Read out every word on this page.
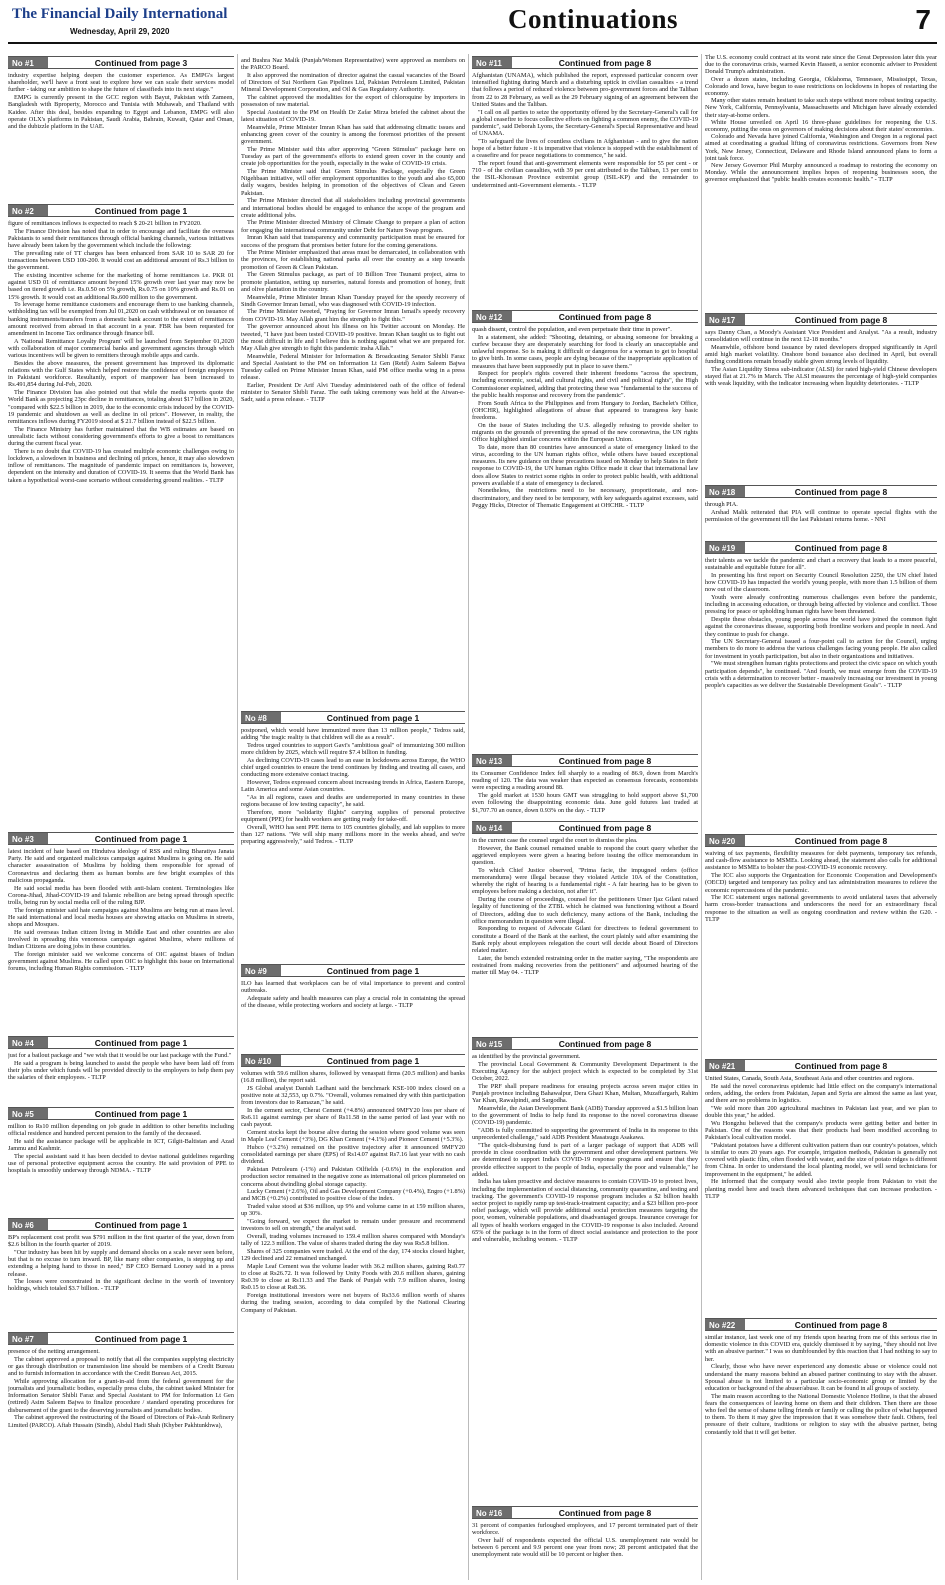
The Financial Daily International
Wednesday, April 29, 2020	Continuations	7
No #1	Continued from page 3

industry expertise helping deepen the customer experience. As EMPG's largest shareholder, we'll have a front seat to explore how we can scale their services model further - taking our ambition to shape the future of classifieds into its next stage."

EMPG is currently present in the GCC region with Bayut, Pakistan with Zameen, Bangladesh with Bproperty, Morocco and Tunisia with Mubawab, and Thailand with Kaidee. After this deal, besides expanding to Egypt and Lebanon, EMPG will also operate OLX's platforms in Pakistan, Saudi Arabia, Bahrain, Kuwait, Qatar and Oman, and the dubizzle platform in the UAE.

No #2	Continued from page 1

figure of remittances inflows is expected to reach $ 20-21 billion in FY2020.

The Finance Division has noted that in order to encourage and facilitate the overseas Pakistanis to send their remittances through official banking channels, various initiatives have already been taken by the government which include the following:

The prevailing rate of TT charges has been enhanced from SAR 10 to SAR 20 for transactions between USD 100-200. It would cost an additional amount of Rs.3 billion to the government.

The existing incentive scheme for the marketing of home remittances i.e. PKR 01 against USD 01 of remittance amount beyond 15% growth over last year may now be based on tiered growth i.e. Rs.0.50 on 5% growth, Rs.0.75 on 10% growth and Rs.01 on 15% growth. It would cost an additional Rs.600 million to the government.

To leverage home remittance customers and encourage them to use banking channels, withholding tax will be exempted from Jul 01,2020 on cash withdrawal or on issuance of banking instruments/transfers from a domestic bank account to the extent of remittances amount received from abroad in that account in a year. FBR has been requested for amendment in Income Tax ordinance through finance bill.

A 'National Remittance Loyalty Program' will be launched from September 01,2020 with collaboration of major commercial banks and government agencies through which various incentives will be given to remitters through mobile apps and cards.

Besides the above measures, the present government has improved its diplomatic relations with the Gulf States which helped restore the confidence of foreign employers in Pakistani workforce. Resultantly, export of manpower has been increased to Rs.491,854 during Jul-Feb, 2020.

The Finance Division has also pointed out that while the media reports quote the World Bank as projecting 23pc decline in remittances, totaling about $17 billion in 2020, "compared with $22.5 billion in 2019, due to the economic crisis induced by the COVID-19 pandemic and shutdown as well as decline in oil prices". However, in reality, the remittances inflows during FY2019 stood at $ 21.7 billion instead of $22.5 billion.

The Finance Ministry has further maintained that the WB estimates are based on unrealistic facts without considering government's efforts to give a boost to remittances during the current fiscal year.

There is no doubt that COVID-19 has created multiple economic challenges owing to lockdown, a slowdown in business and declining oil prices, hence, it may also slowdown inflow of remittances. The magnitude of pandemic impact on remittances is, however, dependent on the intensity and duration of COVID-19. It seems that the World Bank has taken a hypothetical worst-case scenario without considering ground realities. - TLTP

No #3	Continued from page 1

latest incident of hate based on Hindutva ideology of RSS and ruling Bharatiya Janata Party. He said and organized malicious campaign against Muslims is going on. He said character assassination of Muslims by holding them responsible for spread of Coronavirus and declaring them as human bombs are few bright examples of this malicious propaganda.

He said social media has been flooded with anti-Islam content. Terminologies like Corona-Jihad, Jihad-COVID-19 and Islamic rebellion are being spread through specific trolls, being run by social media cell of the ruling BJP.

The foreign minister said hate campaigns against Muslims are being run at mass level. He said international and local media houses are showing attacks on Muslims in streets, shops and Mosques.

He said overseas Indian citizen living in Middle East and other countries are also involved in spreading this venomous campaign against Muslims, where millions of Indian Citizens are doing jobs in these countries.

The foreign minister said we welcome concerns of OIC against biases of Indian government against Muslims. He called upon OIC to highlight this issue on International forums, including Human Rights commission. - TLTP

No #4	Continued from page 1

just for a bailout package and "we wish that it would be our last package with the Fund."

He said a program is being launched to assist the people who have been laid off from their jobs under which funds will be provided directly to the employers to help them pay the salaries of their employees. - TLTP

No #5	Continued from page 1

million to Rs10 million depending on job grade in addition to other benefits including official residence and hundred percent pension to the family of the deceased.

He said the assistance package will be applicable in ICT, Gilgit-Baltistan and Azad Jammu and Kashmir.

The special assistant said it has been decided to devise national guidelines regarding use of personal protective equipment across the country. He said provision of PPE to hospitals is smoothly underway through NDMA. - TLTP

No #6	Continued from page 1

BP's replacement cost profit was $791 million in the first quarter of the year, down from $2.6 billion in the fourth quarter of 2019.

"Our industry has been hit by supply and demand shocks on a scale never seen before, but that is no excuse to turn inward. BP, like many other companies, is stepping up and extending a helping hand to those in need," BP CEO Bernard Looney said in a press release.

The losses were concentrated in the significant decline in the worth of inventory holdings, which totaled $3.7 billion. - TLTP

No #7	Continued from page 1

presence of the netting arrangement.

The cabinet approved a proposal to notify that all the companies supplying electricity or gas through distribution or transmission line should be members of a Credit Bureau and to furnish information in accordance with the Credit Bureau Act, 2015.

While approving allocation for a grant-in-aid from the federal government for the journalists and journalistic bodies, especially press clubs, the cabinet tasked Minister for Information Senator Shibli Faraz and Special Assistant to PM for Information Lt Gen (retired) Asim Saleem Bajwa to finalize procedure / standard operating procedures for disbursement of the grant to the deserving journalists and journalistic bodies.

The cabinet approved the restructuring of the Board of Directors of Pak-Arab Refinery Limited (PARCO). Aftab Hussain (Sindh), Abdul Hadi Shah (Khyber Pakhtunkhwa),

and Bushra Naz Malik (Punjab/Women Representative) were approved as members on the PARCO Board.

It also approved the nomination of director against the casual vacancies of the Board of Directors of Sui Northern Gas Pipelines Ltd, Pakistan Petroleum Limited, Pakistan Mineral Development Corporation, and Oil & Gas Regulatory Authority.

The cabinet approved the modalities for the export of chloroquine by importers in possession of raw material.

Special Assistant to the PM on Health Dr Zafar Mirza briefed the cabinet about the latest situation of COVID-19.

Meanwhile, Prime Minister Imran Khan has said that addressing climatic issues and enhancing green cover of the country is among the foremost priorities of the present government.

The Prime Minister said this after approving "Green Stimulus" package here on Tuesday as part of the government's efforts to extend green cover in the county and create job opportunities for the youth, especially in the wake of COVID-19 crisis.

The Prime Minister said that Green Stimulus Package, especially the Green Nigehbaan initiative, will offer employment opportunities to the youth and also 65,000 daily wagers, besides helping in promotion of the objectives of Clean and Green Pakistan.

The Prime Minister directed that all stakeholders including provincial governments and international bodies should be engaged to enhance the scope of the program and create additional jobs.

The Prime Minister directed Ministry of Climate Change to prepare a plan of action for engaging the international community under Debt for Nature Swap program.

Imran Khan said that transparency and community participation must be ensured for success of the program that promises better future for the coming generations.

The Prime Minister emphasized that areas must be demarcated, in collaboration with the provinces, for establishing national parks all over the country as a step towards promotion of Green & Clean Pakistan.

The Green Stimulus package, as part of 10 Billion Tree Tsunami project, aims to promote plantation, setting up nurseries, natural forests and promotion of honey, fruit and olive plantation in the country.

Meanwhile, Prime Minister Imran Khan Tuesday prayed for the speedy recovery of Sindh Governor Imran Ismail, who was diagnosed with COVID-19 infection.

The Prime Minister tweeted, "Praying for Governor Imran Ismail's speedy recovery from COVID-19. May Allah grant him the strength to fight this."

The governor announced about his illness on his Twitter account on Monday. He tweeted, "I have just been tested COVID-19 positive. Imran Khan taught us to fight out the most difficult in life and I believe this is nothing against what we are prepared for. May Allah give strength to fight this pandemic insha Allah."

Meanwhile, Federal Minister for Information & Broadcasting Senator Shibli Faraz and Special Assistant to the PM on Information Lt Gen (Retd) Asim Saleem Bajwa Tuesday called on Prime Minister Imran Khan, said PM office media wing in a press release.

Earlier, President Dr Arif Alvi Tuesday administered oath of the office of federal minister to Senator Shibli Faraz. The oath taking ceremony was held at the Aiwan-e-Sadr, said a press release. - TLTP

No #8	Continued from page 1

postponed, which would have immunized more than 13 million people," Tedros said, adding "the tragic reality is that children will die as a result".

Tedros urged countries to support Gavi's "ambitious goal" of immunizing 300 million more children by 2025, which will require $7.4 billion in funding.

As declining COVID-19 cases lead to an ease in lockdowns across Europe, the WHO chief urged countries to ensure the trend continues by finding and treating all cases, and conducting more extensive contact tracing.

However, Tedros expressed concern about increasing trends in Africa, Eastern Europe, Latin America and some Asian countries.

"As in all regions, cases and deaths are underreported in many countries in these regions because of low testing capacity", he said.

Therefore, more "solidarity flights" carrying supplies of personal protective equipment (PPE) for health workers are getting ready for take-off.

Overall, WHO has sent PPE items to 105 countries globally, and lab supplies to more than 127 nations. "We will ship many millions more in the weeks ahead, and we're preparing aggressively," said Tedros. - TLTP

No #9	Continued from page 1

ILO has learned that workplaces can be of vital importance to prevent and control outbreaks.

Adequate safety and health measures can play a crucial role in containing the spread of the disease, while protecting workers and society at large. - TLTP

No #10	Continued from page 1

volumes with 59.6 million shares, followed by venaspati firms (20.5 million) and banks (16.8 million), the report said.

JS Global analyst Danish Ladhani said the benchmark KSE-100 index closed on a positive note at 32,553, up 0.7%. "Overall, volumes remained dry with thin participation from investors due to Ramazan," he said.

In the cement sector, Cherat Cement (+4.8%) announced 9MFY20 loss per share of Rs6.11 against earnings per share of Rs11.58 in the same period of last year with no cash payout.

Cement stocks kept the bourse alive during the session where good volume was seen in Maple Leaf Cement (+3%), DG Khan Cement (+4.1%) and Pioneer Cement (+5.3%).

Hubco (+3.2%) remained on the positive trajectory after it announced 9MFY20 consolidated earnings per share (EPS) of Rs14.07 against Rs7.16 last year with no cash dividend.

Pakistan Petroleum (-1%) and Pakistan Oilfields (-0.6%) in the exploration and production sector remained in the negative zone as international oil prices plummeted on concerns about dwindling global storage capacity.

Lucky Cement (+2.6%), Oil and Gas Development Company (+0.4%), Engro (+1.8%) and MCB (+0.2%) contributed to positive close of the index.

Traded value stood at $36 million, up 9% and volume came in at 159 million shares, up 30%.

"Going forward, we expect the market to remain under pressure and recommend investors to sell on strength," the analyst said.

Overall, trading volumes increased to 159.4 million shares compared with Monday's tally of 122.3 million. The value of shares traded during the day was Rs5.8 billion.

Shares of 325 companies were traded. At the end of the day, 174 stocks closed higher, 129 declined and 22 remained unchanged.

Maple Leaf Cement was the volume leader with 36.2 million shares, gaining Rs0.77 to close at Rs26.72. It was followed by Unity Foods with 20.6 million shares, gaining Rs0.39 to close at Rs11.33 and The Bank of Punjab with 7.9 million shares, losing Rs0.15 to close at Rs8.36.

Foreign institutional investors were net buyers of Rs33.6 million worth of shares during the trading session, according to data compiled by the National Clearing Company of Pakistan.

No #11	Continued from page 8

Afghanistan (UNAMA), which published the report, expressed particular concern over intensified fighting during March and a disturbing uptick in civilian casualties - a trend that follows a period of reduced violence between pro-government forces and the Taliban from 22 to 28 February, as well as the 29 February signing of an agreement between the United States and the Taliban.

"I call on all parties to seize the opportunity offered by the Secretary-General's call for a global ceasefire to focus collective efforts on fighting a common enemy, the COVID-19 pandemic", said Deborah Lyons, the Secretary-General's Special Representative and head of UNAMA.

"To safeguard the lives of countless civilians in Afghanistan - and to give the nation hope of a better future - it is imperative that violence is stopped with the establishment of a ceasefire and for peace negotiations to commence," he said.

The report found that anti-government elements were responsible for 55 per cent - or 710 - of the civilian casualties, with 39 per cent attributed to the Taliban, 13 per cent to the ISIL-Khorasan Province extremist group (ISIL-KP) and the remainder to undetermined anti-Government elements. - TLTP

No #12	Continued from page 8

quash dissent, control the population, and even perpetuate their time in power".

In a statement, she added: "Shooting, detaining, or abusing someone for breaking a curfew because they are desperately searching for food is clearly an unacceptable and unlawful response. So is making it difficult or dangerous for a woman to get to hospital to give birth. In some cases, people are dying because of the inappropriate application of measures that have been supposedly put in place to save them."

Respect for people's rights covered their inherent freedoms "across the spectrum, including economic, social, and cultural rights, and civil and political rights", the High Commissioner explained, adding that protecting these was "fundamental to the success of the public health response and recovery from the pandemic".

From South Africa to the Philippines and from Hungary to Jordan, Bachelet's Office, (OHCHR), highlighted allegations of abuse that appeared to transgress key basic freedoms.

On the issue of States including the U.S. allegedly refusing to provide shelter to migrants on the grounds of preventing the spread of the new coronavirus, the UN rights Office highlighted similar concerns within the European Union.

To date, more than 80 countries have announced a state of emergency linked to the virus, according to the UN human rights office, while others have issued exceptional measures. Its new guidance on these precautions issued on Monday to help States in their response to COVID-19, the UN human rights Office made it clear that international law does allow States to restrict some rights in order to protect public health, with additional powers available if a state of emergency is declared.

Nonetheless, the restrictions need to be necessary, proportionate, and non-discriminatory, and they need to be temporary, with key safeguards against excesses, said Peggy Hicks, Director of Thematic Engagement at OHCHR. - TLTP

No #13	Continued from page 8

its Consumer Confidence Index fell sharply to a reading of 86.9, down from March's reading of 120. The data was weaker than expected as consensus forecasts, economists were expecting a reading around 88.

The gold market at 1530 hours GMT was struggling to hold support above $1,700 even following the disappointing economic data. June gold futures last traded at $1,707.70 an ounce, down 0.93% on the day. - TLTP

No #14	Continued from page 8

in the current case the counsel urged the court to dismiss the plea.

However, the Bank counsel remained unable to respond the court query whether the aggrieved employees were given a hearing before issuing the office memorandum in question.

To which Chief Justice observed, "Prima facie, the impugned orders (office memorandums) were illegal because they violated Article 10A of the Constitution, whereby the right of hearing is a fundamental right - A fair hearing has to be given to employees before making a decision, not after it".

During the course of proceedings, counsel for the petitioners Umer Ijaz Gilani raised legality of functioning of the ZTBL which he claimed was functioning without a Board of Directors, adding due to such deficiency, many actions of the Bank, including the office memorandum in question were illegal.

Responding to request of Advocate Gilani for directives to federal government to constitute a Board of the Bank at the earliest, the court plainly said after examining the Bank reply about employees relegation the court will decide about Board of Directors related matter.

Later, the bench extended restraining order in the matter saying, "The respondents are restrained from making recoveries from the petitioners" and adjourned hearing of the matter till May 04. - TLTP

No #15	Continued from page 8

as identified by the provincial government.

The provincial Local Government & Community Development Department is the Executing Agency for the subject project which is expected to be completed by 31st October, 2022.

The PRF shall prepare readiness for ensuing projects across seven major cities in Punjab province including Bahawalpur, Dera Ghazi Khan, Multan, Muzaffargarh, Rahim Yar Khan, Rawalpindi, and Sargodha.

Meanwhile, the Asian Development Bank (ADB) Tuesday approved a $1.5 billion loan to the government of India to help fund its response to the novel coronavirus disease (COVID-19) pandemic.

"ADB is fully committed to supporting the government of India in its response to this unprecedented challenge," said ADB President Masatsugu Asakawa.

"The quick-disbursing fund is part of a larger package of support that ADB will provide in close coordination with the government and other development partners. We are determined to support India's COVID-19 response programs and ensure that they provide effective support to the people of India, especially the poor and vulnerable," he added.

India has taken proactive and decisive measures to contain COVID-19 to protect lives, including the implementation of social distancing, community quarantine, and testing and tracking. The government's COVID-19 response program includes a $2 billion health sector project to rapidly ramp up test-track-treatment capacity; and a $23 billion pro-poor relief package, which will provide additional social protection measures targeting the poor, women, vulnerable populations, and disadvantaged groups. Insurance coverage for all types of health workers engaged in the COVID-19 response is also included. Around 65% of the package is in the form of direct social assistance and protection to the poor and vulnerable, including women. - TLTP

No #16	Continued from page 8

31 percent of companies furloughed employees, and 17 percent terminated part of their workforce.

Over half of respondents expected the official U.S. unemployment rate would be between 6 percent and 9.9 percent one year from now; 28 percent anticipated that the unemployment rate would still be 10 percent or higher then.

The U.S. economy could contract at its worst rate since the Great Depression later this year due to the coronavirus crisis, warned Kevin Hassett, a senior economic adviser to President Donald Trump's administration.

Over a dozen states, including Georgia, Oklahoma, Tennessee, Mississippi, Texas, Colorado and Iowa, have begun to ease restrictions on lockdowns in hopes of restarting the economy.

Many other states remain hesitant to take such steps without more robust testing capacity. New York, California, Pennsylvania, Massachusetts and Michigan have already extended their stay-at-home orders.

White House unveiled on April 16 three-phase guidelines for reopening the U.S. economy, putting the onus on governors of making decisions about their states' economies.

Colorado and Nevada have joined California, Washington and Oregon in a regional pact aimed at coordinating a gradual lifting of coronavirus restrictions. Governors from New York, New Jersey, Connecticut, Delaware and Rhode Island announced plans to form a joint task force.

New Jersey Governor Phil Murphy announced a roadmap to restoring the economy on Monday. While the announcement implies hopes of reopening businesses soon, the governor emphasized that "public health creates economic health." - TLTP

No #17	Continued from page 8

says Danny Chan, a Moody's Assistant Vice President and Analyst. "As a result, industry consolidation will continue in the next 12-18 months."

Meanwhile, offshore bond issuance by rated developers dropped significantly in April amid high market volatility. Onshore bond issuance also declined in April, but overall funding conditions remain broadly stable given strong levels of liquidity.

The Asian Liquidity Stress sub-indicator (ALSI) for rated high-yield Chinese developers stayed flat at 21.7% in March. The ALSI measures the percentage of high-yield companies with weak liquidity, with the indicator increasing when liquidity deteriorates. - TLTP

No #18	Continued from page 8

through PIA.

Arshad Malik reiterated that PIA will continue to operate special flights with the permission of the government till the last Pakistani returns home. - NNI

No #19	Continued from page 8

their talents as we tackle the pandemic and chart a recovery that leads to a more peaceful, sustainable and equitable future for all".

In presenting his first report on Security Council Resolution 2250, the UN chief listed how COVID-19 has impacted the world's young people, with more than 1.5 billion of them now out of the classroom.

Youth were already confronting numerous challenges even before the pandemic, including in accessing education, or through being affected by violence and conflict. Those pressing for peace or upholding human rights have been threatened.

Despite these obstacles, young people across the world have joined the common fight against the coronavirus disease, supporting both frontline workers and people in need. And they continue to push for change.

The UN Secretary-General issued a four-point call to action for the Council, urging members to do more to address the various challenges facing young people. He also called for investment in youth participation, but also in their organizations and initiatives.

"We must strengthen human rights protections and protect the civic space on which youth participation depends", he continued. "And fourth, we must emerge from the COVID-19 crisis with a determination to recover better - massively increasing our investment in young people's capacities as we deliver the Sustainable Development Goals". - TLTP

No #20	Continued from page 8

waiving of tax payments, flexibility measures for debt payments, temporary tax refunds, and cash-flow assistance to MSMEs. Looking ahead, the statement also calls for additional assistance to MSMEs to bolster the post-COVID-19 economic recovery.

The ICC also supports the Organization for Economic Cooperation and Development's (OECD) targeted and temporary tax policy and tax administration measures to relieve the economic repercussions of the pandemic.

The ICC statement urges national governments to avoid unilateral taxes that adversely harm cross-border transactions and underscores the need for an extraordinary fiscal response to the situation as well as ongoing coordination and review within the G20. - TLTP

No #21	Continued from page 8

United States, Canada, South Asia, Southeast Asia and other countries and regions.

He said the novel coronavirus epidemic had little effect on the company's international orders, adding, the orders from Pakistan, Japan and Syria are almost the same as last year, and there are no problems in logistics.

"We sold more than 200 agricultural machines in Pakistan last year, and we plan to double this year," he added.

Wu Hongzhu believed that the company's products were getting better and better in Pakistan. One of the reasons was that their products had been modified according to Pakistan's local cultivation model.

"Pakistani potatoes have a different cultivation pattern than our country's potatoes, which is similar to ours 20 years ago. For example, irrigation methods, Pakistan is generally not covered with plastic film, often flooded with water, and the size of potato ridges is different from China. In order to understand the local planting model, we will send technicians for improvement in the equipment," he added.

He informed that the company would also invite people from Pakistan to visit the planting model here and teach them advanced techniques that can increase production. - TLTP

No #22	Continued from page 8

similar instance, last week one of my friends upon hearing from me of this serious rise in domestic violence in this COVID era, quickly dismissed it by saying, "they should not live with an abusive partner." I was so dumbfounded by this reaction that I had nothing to say to her.

Clearly, those who have never experienced any domestic abuse or violence could not understand the many reasons behind an abused partner continuing to stay with the abuser. Spousal abuse is not limited to a particular socio-economic group or limited by the education or background of the abuser/abuse. It can be found in all groups of society.

The main reason according to the National Domestic Violence Hotline, is that the abused fears the consequences of leaving home on them and their children. Then there are those who feel the sense of shame telling friends or family or calling the police of what happened to them. To them it may give the impression that it was somehow their fault. Others, feel pressure of their culture, traditions or religion to stay with the abusive partner, being constantly told that it will get better.
